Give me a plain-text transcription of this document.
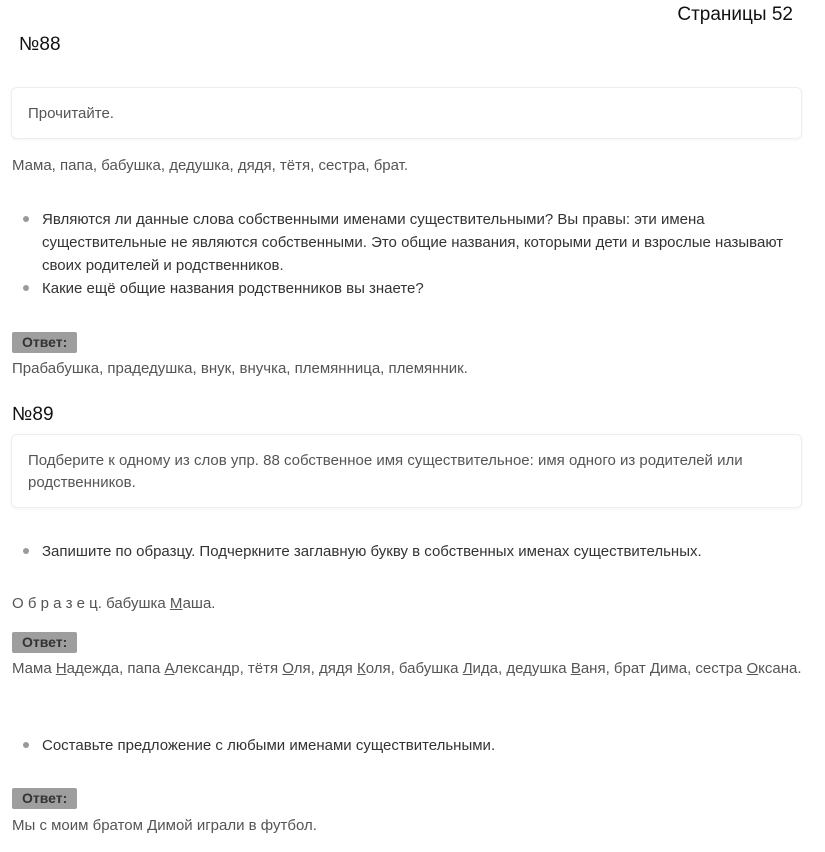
Страницы 52
№88
Прочитайте.
Мама, папа, бабушка, дедушка, дядя, тётя, сестра, брат.
Являются ли данные слова собственными именами существительными? Вы правы: эти имена существительные не являются собственными. Это общие названия, которыми дети и взрослые называют своих родителей и родственников.
Какие ещё общие названия родственников вы знаете?
Ответ:
Прабабушка, прадедушка, внук, внучка, племянница, племянник.
№89
Подберите к одному из слов упр. 88 собственное имя существительное: имя одного из родителей или родственников.
Запишите по образцу. Подчеркните заглавную букву в собственных именах существительных.
О б р а з е ц. бабушка Маша.
Ответ:
Мама Надежда, папа Александр, тётя Оля, дядя Коля, бабушка Лида, дедушка Ваня, брат Дима, сестра Оксана.
Составьте предложение с любыми именами существительными.
Ответ:
Мы с моим братом Димой играли в футбол.
